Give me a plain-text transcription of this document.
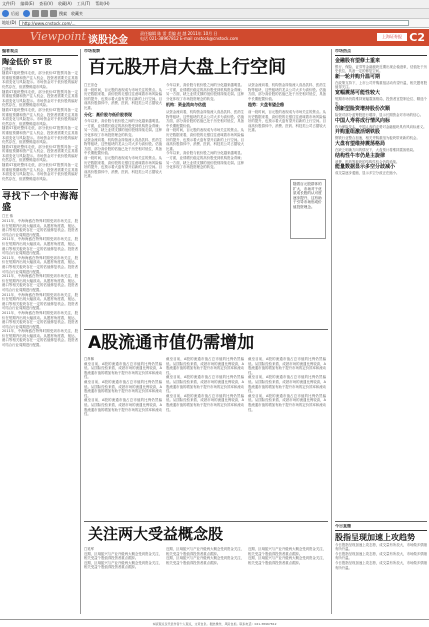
文件(F) 编辑(E) 查看(V) 收藏(A) 工具(T) 帮助(H)
后退	搜索 收藏夹
地址(D)	http://www.cnstock.com/...
Viewpoint 谈股论金
责任编辑 陈 雷 美编 赵 越 2011年 10月 日
电话 021-38967812 E-mail cnstock@cnstock.com	上海证券报 C2
编者观点
陶金低价 ST 股
□徐伟
随着ST板块整体走低，部分低价ST股票具备一定的重组预期和资产注入机会，投资者需要关注其基本面变化与风险提示。市场资金对于低价股的偏好仍然存在，但需警惕退市风险。
随着ST板块整体走低，部分低价ST股票具备一定的重组预期和资产注入机会，投资者需要关注其基本面变化与风险提示。市场资金对于低价股的偏好仍然存在，但需警惕退市风险。
随着ST板块整体走低，部分低价ST股票具备一定的重组预期和资产注入机会，投资者需要关注其基本面变化与风险提示。市场资金对于低价股的偏好仍然存在，但需警惕退市风险。
随着ST板块整体走低，部分低价ST股票具备一定的重组预期和资产注入机会，投资者需要关注其基本面变化与风险提示。市场资金对于低价股的偏好仍然存在，但需警惕退市风险。
随着ST板块整体走低，部分低价ST股票具备一定的重组预期和资产注入机会，投资者需要关注其基本面变化与风险提示。市场资金对于低价股的偏好仍然存在，但需警惕退市风险。
随着ST板块整体走低，部分低价ST股票具备一定的重组预期和资产注入机会，投资者需要关注其基本面变化与风险提示。市场资金对于低价股的偏好仍然存在，但需警惕退市风险。
寻找下一个中海海盛
□王 伟
2011年，中海海盛在特殊时期受到市场关注，股价在短期内出现大幅波动。从题材角度看，航运、港口等相关板块存在一定的估值修复机会。投资者可结合行业周期进行配置。
2011年，中海海盛在特殊时期受到市场关注，股价在短期内出现大幅波动。从题材角度看，航运、港口等相关板块存在一定的估值修复机会。投资者可结合行业周期进行配置。
2011年，中海海盛在特殊时期受到市场关注，股价在短期内出现大幅波动。从题材角度看，航运、港口等相关板块存在一定的估值修复机会。投资者可结合行业周期进行配置。
2011年，中海海盛在特殊时期受到市场关注，股价在短期内出现大幅波动。从题材角度看，航运、港口等相关板块存在一定的估值修复机会。投资者可结合行业周期进行配置。
2011年，中海海盛在特殊时期受到市场关注，股价在短期内出现大幅波动。从题材角度看，航运、港口等相关板块存在一定的估值修复机会。投资者可结合行业周期进行配置。
2011年，中海海盛在特殊时期受到市场关注，股价在短期内出现大幅波动。从题材角度看，航运、港口等相关板块存在一定的估值修复机会。投资者可结合行业周期进行配置。
2011年，中海海盛在特殊时期受到市场关注，股价在短期内出现大幅波动。从题材角度看，航运、港口等相关板块存在一定的估值修复机会。投资者可结合行业周期进行配置。
市场观察
百元股开启大盘上行空间
□王宗仓
前一段时间，百元股的表现成为市场关注的焦点。从历史数据来看，高价股的走强往往意味着市场风险偏好的提升，也预示着大盘有望开启新的上行空间。目前高价股群体中，消费、医药、科技类公司占据较大比重。
分化：高价股与低价股表现
今年以来，高价股与低价股之间的分化越来越明显。一方面，业绩增长稳定的高价股受到机构资金青睐；另一方面，缺乏业绩支撑的低价股则持续走弱。这种分化体现了市场投资理念的转变。
从资金流向看，机构资金持续流入食品饮料、医药生物等板块，这些板块的龙头公司大多为高价股。估值方面，部分高价股的估值已处于历史相对低位，具备中长期配置价值。
前一段时间，百元股的表现成为市场关注的焦点。从历史数据来看，高价股的走强往往意味着市场风险偏好的提升，也预示着大盘有望开启新的上行空间。目前高价股群体中，消费、医药、科技类公司占据较大比重。
今年以来，高价股与低价股之间的分化越来越明显。一方面，业绩增长稳定的高价股受到机构资金青睐；另一方面，缺乏业绩支撑的低价股则持续走弱。这种分化体现了市场投资理念的转变。
机构：资金流向与估值
从资金流向看，机构资金持续流入食品饮料、医药生物等板块，这些板块的龙头公司大多为高价股。估值方面，部分高价股的估值已处于历史相对低位，具备中长期配置价值。
前一段时间，百元股的表现成为市场关注的焦点。从历史数据来看，高价股的走强往往意味着市场风险偏好的提升，也预示着大盘有望开启新的上行空间。目前高价股群体中，消费、医药、科技类公司占据较大比重。
今年以来，高价股与低价股之间的分化越来越明显。一方面，业绩增长稳定的高价股受到机构资金青睐；另一方面，缺乏业绩支撑的低价股则持续走弱。这种分化体现了市场投资理念的转变。
从资金流向看，机构资金持续流入食品饮料、医药生物等板块，这些板块的龙头公司大多为高价股。估值方面，部分高价股的估值已处于历史相对低位，具备中长期配置价值。
趋势：大盘有望企稳
前一段时间，百元股的表现成为市场关注的焦点。从历史数据来看，高价股的走强往往意味着市场风险偏好的提升，也预示着大盘有望开启新的上行空间。目前高价股群体中，消费、医药、科技类公司占据较大比重。
随着百元股群体的扩大，市场对于优质成长股的认可度逐步提升，这有助于引导市场形成价值投资理念。
A股流通市值仍需增加
□肖林
截至目前，A股的流通市值占总市值的比例仍然偏低。从国际经验来看，成熟市场的流通比例较高，A股流通市值的增加有助于提升市场的定价效率和流动性。
截至目前，A股的流通市值占总市值的比例仍然偏低。从国际经验来看，成熟市场的流通比例较高，A股流通市值的增加有助于提升市场的定价效率和流动性。
截至目前，A股的流通市值占总市值的比例仍然偏低。从国际经验来看，成熟市场的流通比例较高，A股流通市值的增加有助于提升市场的定价效率和流动性。
截至目前，A股的流通市值占总市值的比例仍然偏低。从国际经验来看，成熟市场的流通比例较高，A股流通市值的增加有助于提升市场的定价效率和流动性。
截至目前，A股的流通市值占总市值的比例仍然偏低。从国际经验来看，成熟市场的流通比例较高，A股流通市值的增加有助于提升市场的定价效率和流动性。
截至目前，A股的流通市值占总市值的比例仍然偏低。从国际经验来看，成熟市场的流通比例较高，A股流通市值的增加有助于提升市场的定价效率和流动性。
截至目前，A股的流通市值占总市值的比例仍然偏低。从国际经验来看，成熟市场的流通比例较高，A股流通市值的增加有助于提升市场的定价效率和流动性。
截至目前，A股的流通市值占总市值的比例仍然偏低。从国际经验来看，成熟市场的流通比例较高，A股流通市值的增加有助于提升市场的定价效率和流动性。
截至目前，A股的流通市值占总市值的比例仍然偏低。从国际经验来看，成熟市场的流通比例较高，A股流通市值的增加有助于提升市场的定价效率和流动性。
关注两大受益概念股
□吴军
近期，区域振兴与产业升级两大概念受到资金关注，相关受益个股值得投资者重点跟踪。
近期，区域振兴与产业升级两大概念受到资金关注，相关受益个股值得投资者重点跟踪。
近期，区域振兴与产业升级两大概念受到资金关注，相关受益个股值得投资者重点跟踪。
近期，区域振兴与产业升级两大概念受到资金关注，相关受益个股值得投资者重点跟踪。
近期，区域振兴与产业升级两大概念受到资金关注，相关受益个股值得投资者重点跟踪。
近期，区域振兴与产业升级两大概念受到资金关注，相关受益个股值得投资者重点跟踪。
市场热点
金融股有望修土重来
银行、保险、证券等金融板块近期出现企稳迹象，估值处于历史低位，具备一定的修复空间。
新一轮并购升温可期
在政策支持下，上市公司并购重组活动有望升温，相关题材股值得关注。
宽幅震荡可能性较大
短期市场仍将维持宽幅震荡格局，投资者宜控制仓位、精选个股。
创新型险资增持股份次顺
险资对部分蓝筹股进行增持，显示长期资金对市场的信心。
中国人寿将成行情风向标
作为保险龙头，中国人寿的走势对金融板块具有风向标意义。
并购重组激活钢铁股
钢铁行业整合加速，相关并购重组为板块带来新的机会。
大盘有望维持震荡格局
在缺乏明确方向的情况下，大盘预计将维持震荡格局。
结构性牛市仍是主旋律
消费、医药等板块的结构性机会仍将延续。
能量数据显示多空分歧减小
成交量逐步萎缩，显示多空分歧正在缩小。
今日直播
股指呈现加速上攻趋势
今日股指呈现加速上攻态势，成交量有所放大，市场做多情绪有所升温。
今日股指呈现加速上攻态势，成交量有所放大，市场做多情绪有所升温。
今日股指呈现加速上攻态势，成交量有所放大，市场做多情绪有所升温。
本版观点仅代表作者个人观点，文责自负。据此操作，风险自担。联系电话：021-38967812
